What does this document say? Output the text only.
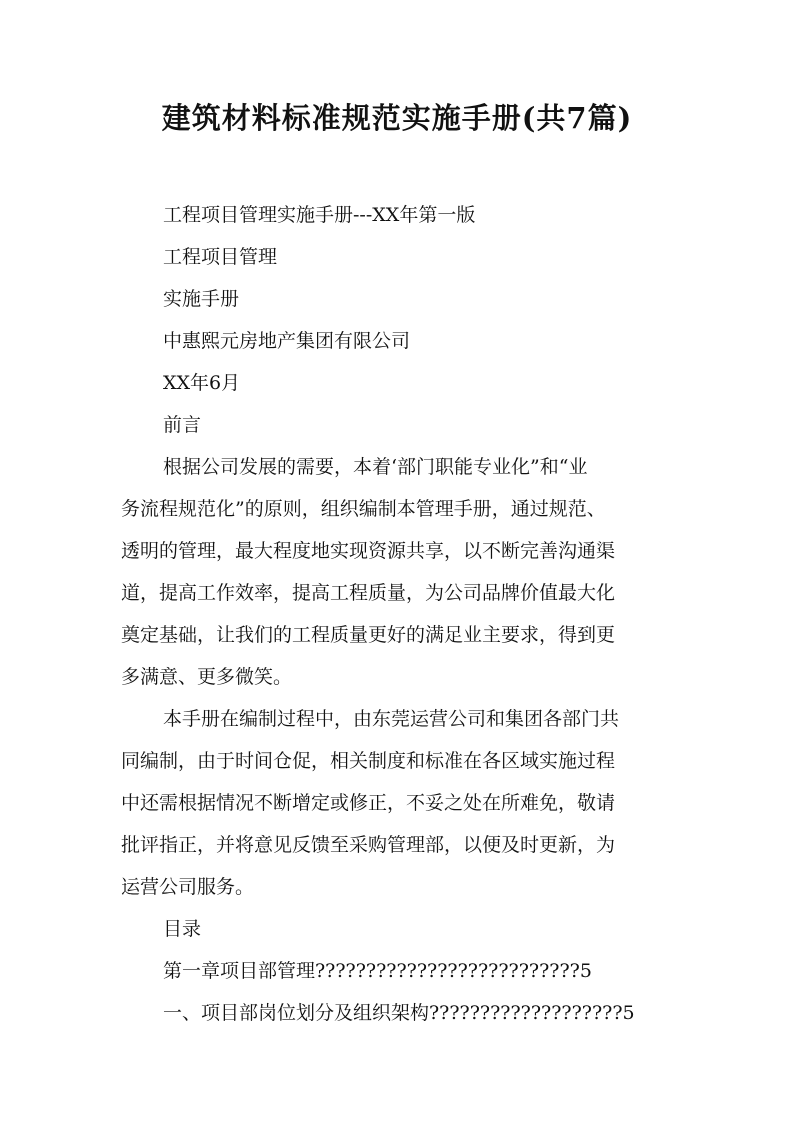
建筑材料标准规范实施手册(共7篇)
工程项目管理实施手册---XX年第一版
工程项目管理
实施手册
中惠熙元房地产集团有限公司
XX年6月
前言
根据公司发展的需要，本着‘部门职能专业化”和“业
务流程规范化”的原则，组织编制本管理手册，通过规范、
透明的管理，最大程度地实现资源共享，以不断完善沟通渠
道，提高工作效率，提高工程质量，为公司品牌价值最大化
奠定基础，让我们的工程质量更好的满足业主要求，得到更
多满意、更多微笑。
本手册在编制过程中，由东莞运营公司和集团各部门共
同编制，由于时间仓促，相关制度和标准在各区域实施过程
中还需根据情况不断增定或修正，不妥之处在所难免，敬请
批评指正，并将意见反馈至采购管理部，以便及时更新，为
运营公司服务。
目录
第一章项目部管理??????????????????????????5
一、项目部岗位划分及组织架构???????????????????5
